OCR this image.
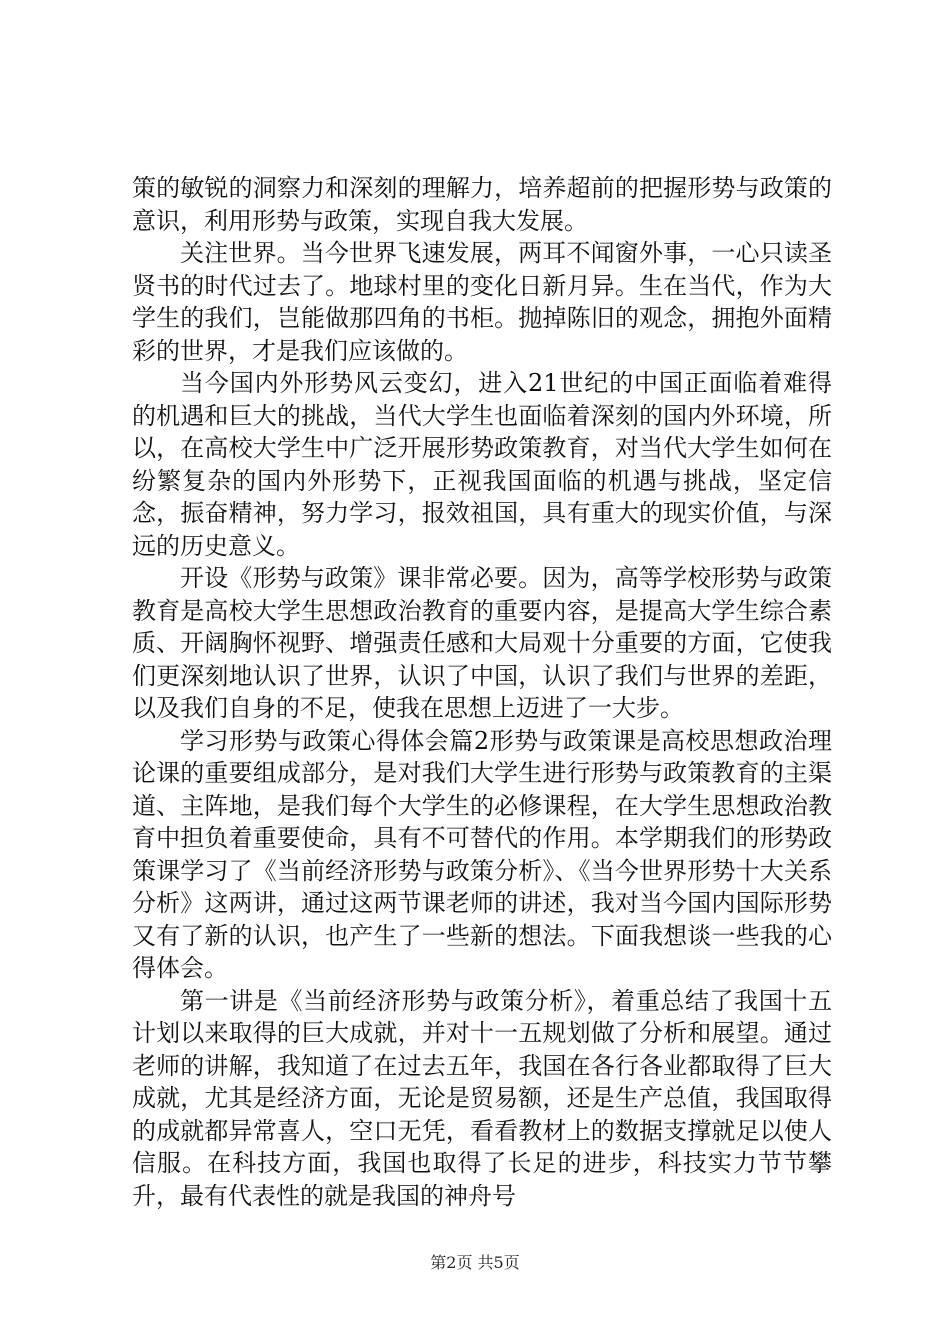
策的敏锐的洞察力和深刻的理解力，培养超前的把握形势与政策的意识，利用形势与政策，实现自我大发展。

关注世界。当今世界飞速发展，两耳不闻窗外事，一心只读圣贤书的时代过去了。地球村里的变化日新月异。生在当代，作为大学生的我们，岂能做那四角的书柜。抛掉陈旧的观念，拥抱外面精彩的世界，才是我们应该做的。

当今国内外形势风云变幻，进入21世纪的中国正面临着难得的机遇和巨大的挑战，当代大学生也面临着深刻的国内外环境，所以，在高校大学生中广泛开展形势政策教育，对当代大学生如何在纷繁复杂的国内外形势下，正视我国面临的机遇与挑战，坚定信念，振奋精神，努力学习，报效祖国，具有重大的现实价值，与深远的历史意义。

开设《形势与政策》课非常必要。因为，高等学校形势与政策教育是高校大学生思想政治教育的重要内容，是提高大学生综合素质、开阔胸怀视野、增强责任感和大局观十分重要的方面，它使我们更深刻地认识了世界，认识了中国，认识了我们与世界的差距，以及我们自身的不足，使我在思想上迈进了一大步。

学习形势与政策心得体会篇2形势与政策课是高校思想政治理论课的重要组成部分，是对我们大学生进行形势与政策教育的主渠道、主阵地，是我们每个大学生的必修课程，在大学生思想政治教育中担负着重要使命，具有不可替代的作用。本学期我们的形势政策课学习了《当前经济形势与政策分析》、《当今世界形势十大关系分析》这两讲，通过这两节课老师的讲述，我对当今国内国际形势又有了新的认识，也产生了一些新的想法。下面我想谈一些我的心得体会。

第一讲是《当前经济形势与政策分析》，着重总结了我国十五计划以来取得的巨大成就，并对十一五规划做了分析和展望。通过老师的讲解，我知道了在过去五年，我国在各行各业都取得了巨大成就，尤其是经济方面，无论是贸易额，还是生产总值，我国取得的成就都异常喜人，空口无凭，看看教材上的数据支撑就足以使人信服。在科技方面，我国也取得了长足的进步，科技实力节节攀升，最有代表性的就是我国的神舟号

第2页 共5页
